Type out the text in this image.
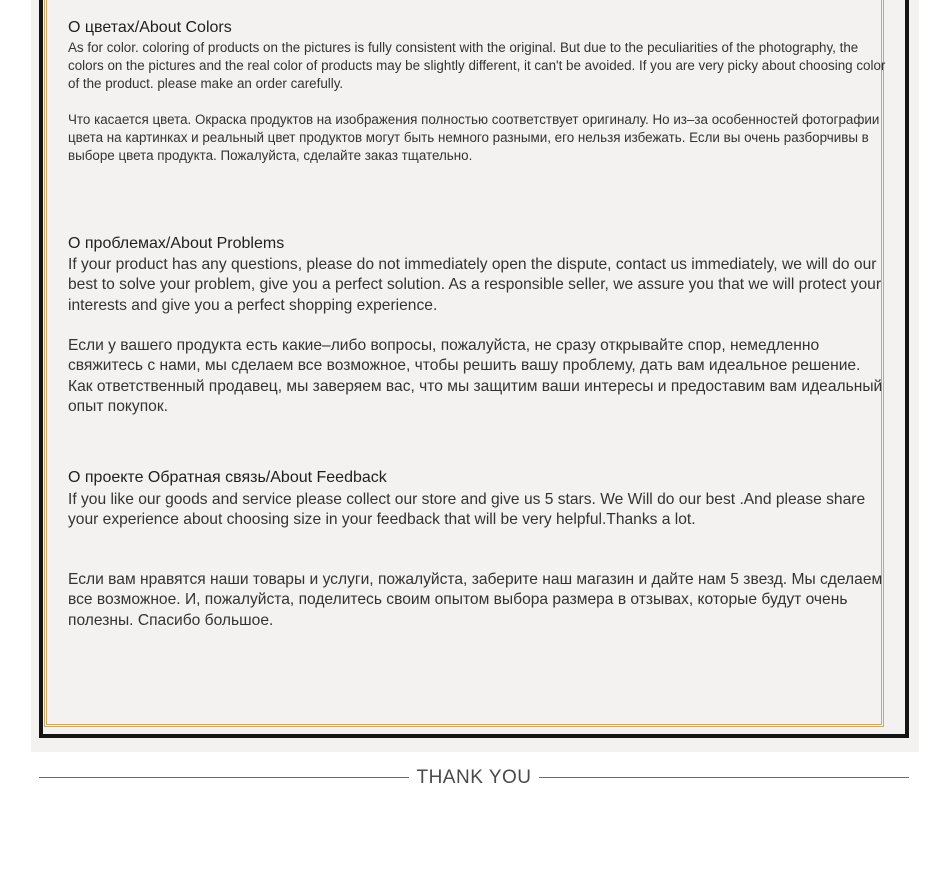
О цветах/About Colors
As for color. coloring of products on the pictures is fully consistent with the original. But due to the peculiarities of the photography, the colors on the pictures and the real color of products may be slightly different, it can't be avoided. If you are very picky about choosing color of the product. please make an order carefully.
Что касается цвета. Окраска продуктов на изображения полностью соответствует оригиналу. Но из–за особенностей фотографии цвета на картинках и реальный цвет продуктов могут быть немного разными, его нельзя избежать. Если вы очень разборчивы в выборе цвета продукта. Пожалуйста, сделайте заказ тщательно.
О проблемах/About Problems
If your product has any questions, please do not immediately open the dispute, contact us immediately, we will do our best to solve your problem, give you a perfect solution. As a responsible seller, we assure you that we will protect your interests and give you a perfect shopping experience.
Если у вашего продукта есть какие–либо вопросы, пожалуйста, не сразу открывайте спор, немедленно свяжитесь с нами, мы сделаем все возможное, чтобы решить вашу проблему, дать вам идеальное решение. Как ответственный продавец, мы заверяем вас, что мы защитим ваши интересы и предоставим вам идеальный опыт покупок.
О проекте Обратная связь/About Feedback
If you like our goods and service please collect our store and give us 5 stars. We Will do our best .And please share your experience about choosing size in your feedback that will be very helpful.Thanks a lot.
Если вам нравятся наши товары и услуги, пожалуйста, заберите наш магазин и дайте нам 5 звезд. Мы сделаем все возможное. И, пожалуйста, поделитесь своим опытом выбора размера в отзывах, которые будут очень полезны. Спасибо большое.
THANK YOU
